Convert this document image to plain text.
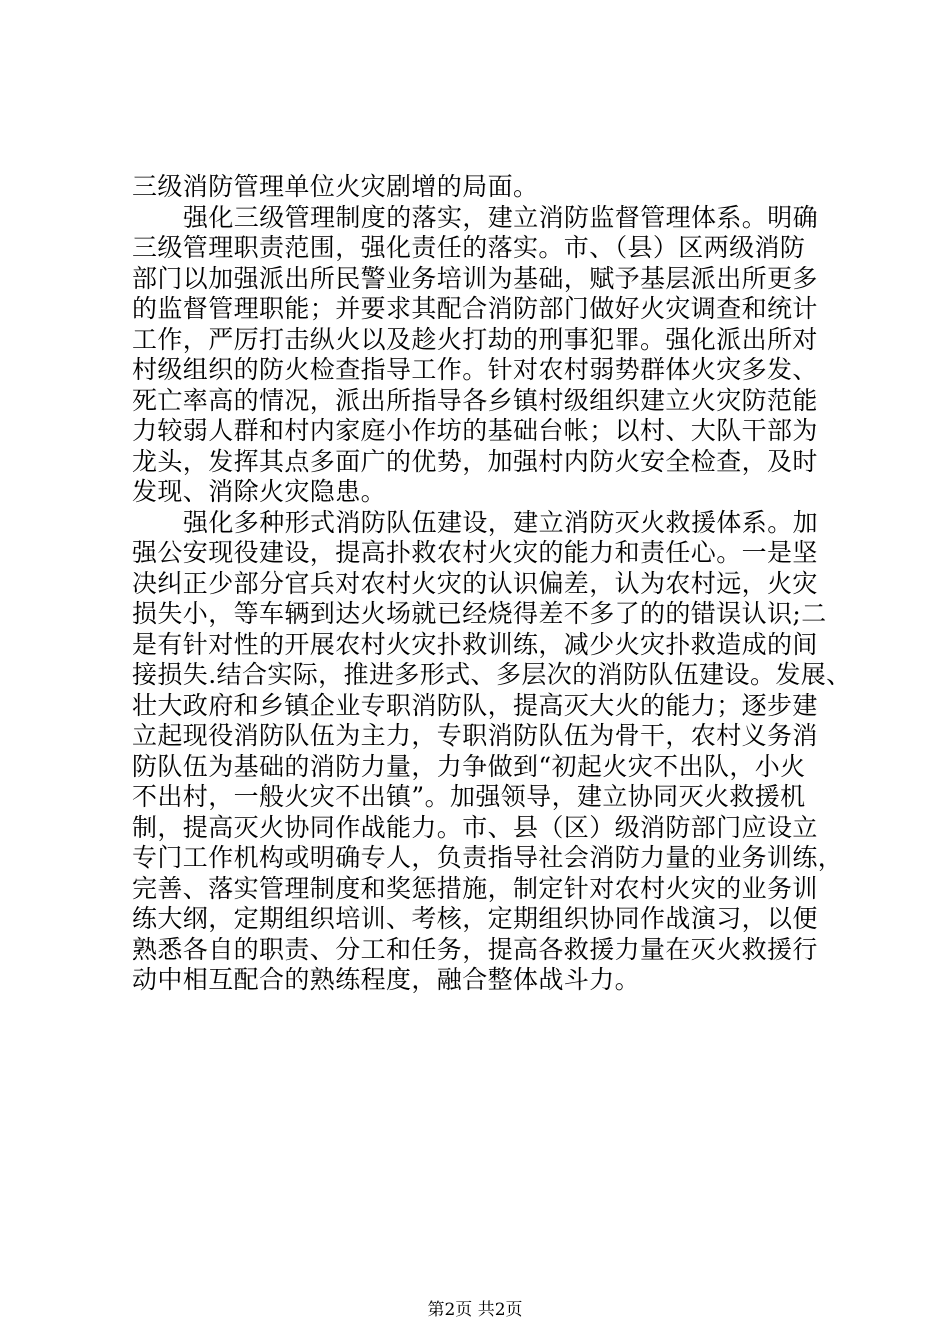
三级消防管理单位火灾剧增的局面。
强化三级管理制度的落实，建立消防监督管理体系。明确
三级管理职责范围，强化责任的落实。市、（县）区两级消防
部门以加强派出所民警业务培训为基础，赋予基层派出所更多
的监督管理职能；并要求其配合消防部门做好火灾调查和统计
工作，严厉打击纵火以及趁火打劫的刑事犯罪。强化派出所对
村级组织的防火检查指导工作。针对农村弱势群体火灾多发、
死亡率高的情况，派出所指导各乡镇村级组织建立火灾防范能
力较弱人群和村内家庭小作坊的基础台帐；以村、大队干部为
龙头，发挥其点多面广的优势，加强村内防火安全检查，及时
发现、消除火灾隐患。
强化多种形式消防队伍建设，建立消防灭火救援体系。加
强公安现役建设，提高扑救农村火灾的能力和责任心。一是坚
决纠正少部分官兵对农村火灾的认识偏差，认为农村远，火灾
损失小，等车辆到达火场就已经烧得差不多了的的错误认识;二
是有针对性的开展农村火灾扑救训练，减少火灾扑救造成的间
接损失.结合实际，推进多形式、多层次的消防队伍建设。发展、
壮大政府和乡镇企业专职消防队，提高灭大火的能力；逐步建
立起现役消防队伍为主力，专职消防队伍为骨干，农村义务消
防队伍为基础的消防力量，力争做到“初起火灾不出队，小火
不出村，一般火灾不出镇”。加强领导，建立协同灭火救援机
制，提高灭火协同作战能力。市、县（区）级消防部门应设立
专门工作机构或明确专人，负责指导社会消防力量的业务训练，
完善、落实管理制度和奖惩措施，制定针对农村火灾的业务训
练大纲，定期组织培训、考核，定期组织协同作战演习，以便
熟悉各自的职责、分工和任务，提高各救援力量在灭火救援行
动中相互配合的熟练程度，融合整体战斗力。
第2页 共2页
